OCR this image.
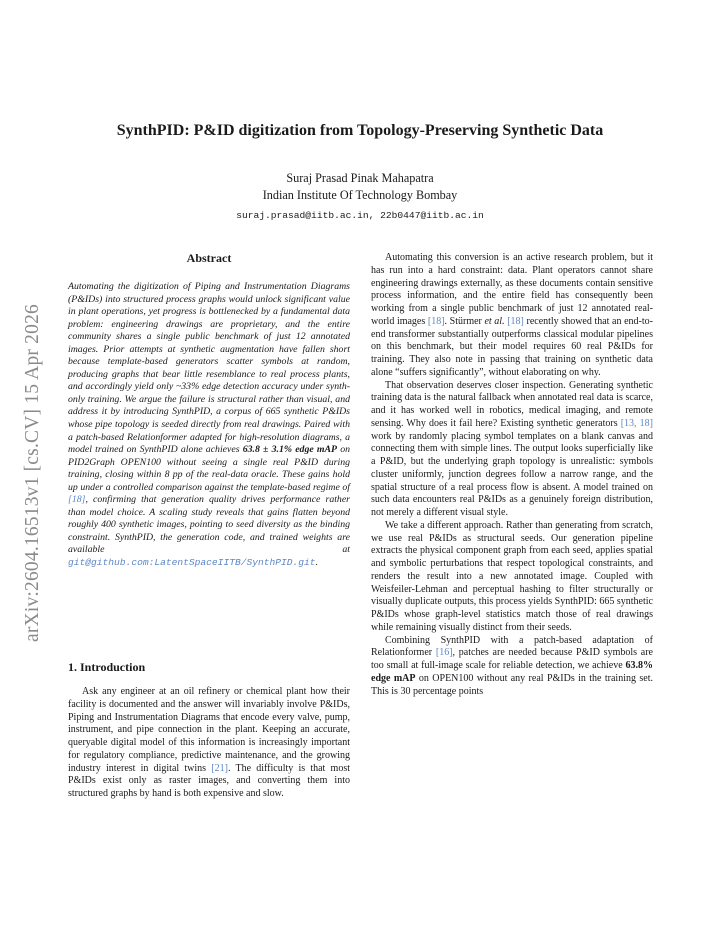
SynthPID: P&ID digitization from Topology-Preserving Synthetic Data
Suraj Prasad Pinak Mahapatra
Indian Institute Of Technology Bombay
suraj.prasad@iitb.ac.in, 22b0447@iitb.ac.in
arXiv:2604.16513v1 [cs.CV] 15 Apr 2026
Abstract
Automating the digitization of Piping and Instrumentation Diagrams (P&IDs) into structured process graphs would unlock significant value in plant operations, yet progress is bottlenecked by a fundamental data problem: engineering drawings are proprietary, and the entire community shares a single public benchmark of just 12 annotated images. Prior attempts at synthetic augmentation have fallen short because template-based generators scatter symbols at random, producing graphs that bear little resemblance to real process plants, and accordingly yield only ~33% edge detection accuracy under synth-only training. We argue the failure is structural rather than visual, and address it by introducing SynthPID, a corpus of 665 synthetic P&IDs whose pipe topology is seeded directly from real drawings. Paired with a patch-based Relationformer adapted for high-resolution diagrams, a model trained on SynthPID alone achieves 63.8 ± 3.1% edge mAP on PID2Graph OPEN100 without seeing a single real P&ID during training, closing within 8 pp of the real-data oracle. These gains hold up under a controlled comparison against the template-based regime of [18], confirming that generation quality drives performance rather than model choice. A scaling study reveals that gains flatten beyond roughly 400 synthetic images, pointing to seed diversity as the binding constraint. SynthPID, the generation code, and trained weights are available at git@github.com:LatentSpaceIITB/SynthPID.git.
1. Introduction

Ask any engineer at an oil refinery or chemical plant how their facility is documented and the answer will invariably involve P&IDs, Piping and Instrumentation Diagrams that encode every valve, pump, instrument, and pipe connection in the plant. Keeping an accurate, queryable digital model of this information is increasingly important for regulatory compliance, predictive maintenance, and the growing industry interest in digital twins [21]. The difficulty is that most P&IDs exist only as raster images, and converting them into structured graphs by hand is both expensive and slow.

Automating this conversion is an active research problem, but it has run into a hard constraint: data. Plant operators cannot share engineering drawings externally, as these documents contain sensitive process information, and the entire field has consequently been working from a single public benchmark of just 12 annotated real-world images [18]. Stürmer et al. [18] recently showed that an end-to-end transformer substantially outperforms classical modular pipelines on this benchmark, but their model requires 60 real P&IDs for training. They also note in passing that training on synthetic data alone “suffers significantly”, without elaborating on why.

That observation deserves closer inspection. Generating synthetic training data is the natural fallback when annotated real data is scarce, and it has worked well in robotics, medical imaging, and remote sensing. Why does it fail here? Existing synthetic generators [13, 18] work by randomly placing symbol templates on a blank canvas and connecting them with simple lines. The output looks superficially like a P&ID, but the underlying graph topology is unrealistic: symbols cluster uniformly, junction degrees follow a narrow range, and the spatial structure of a real process flow is absent. A model trained on such data encounters real P&IDs as a genuinely foreign distribution, not merely a different visual style.

We take a different approach. Rather than generating from scratch, we use real P&IDs as structural seeds. Our generation pipeline extracts the physical component graph from each seed, applies spatial and symbolic perturbations that respect topological constraints, and renders the result into a new annotated image. Coupled with Weisfeiler-Lehman and perceptual hashing to filter structurally or visually duplicate outputs, this process yields SynthPID: 665 synthetic P&IDs whose graph-level statistics match those of real drawings while remaining visually distinct from their seeds.

Combining SynthPID with a patch-based adaptation of Relationformer [16], patches are needed because P&ID symbols are too small at full-image scale for reliable detection, we achieve 63.8% edge mAP on OPEN100 without any real P&IDs in the training set. This is 30 percentage points
